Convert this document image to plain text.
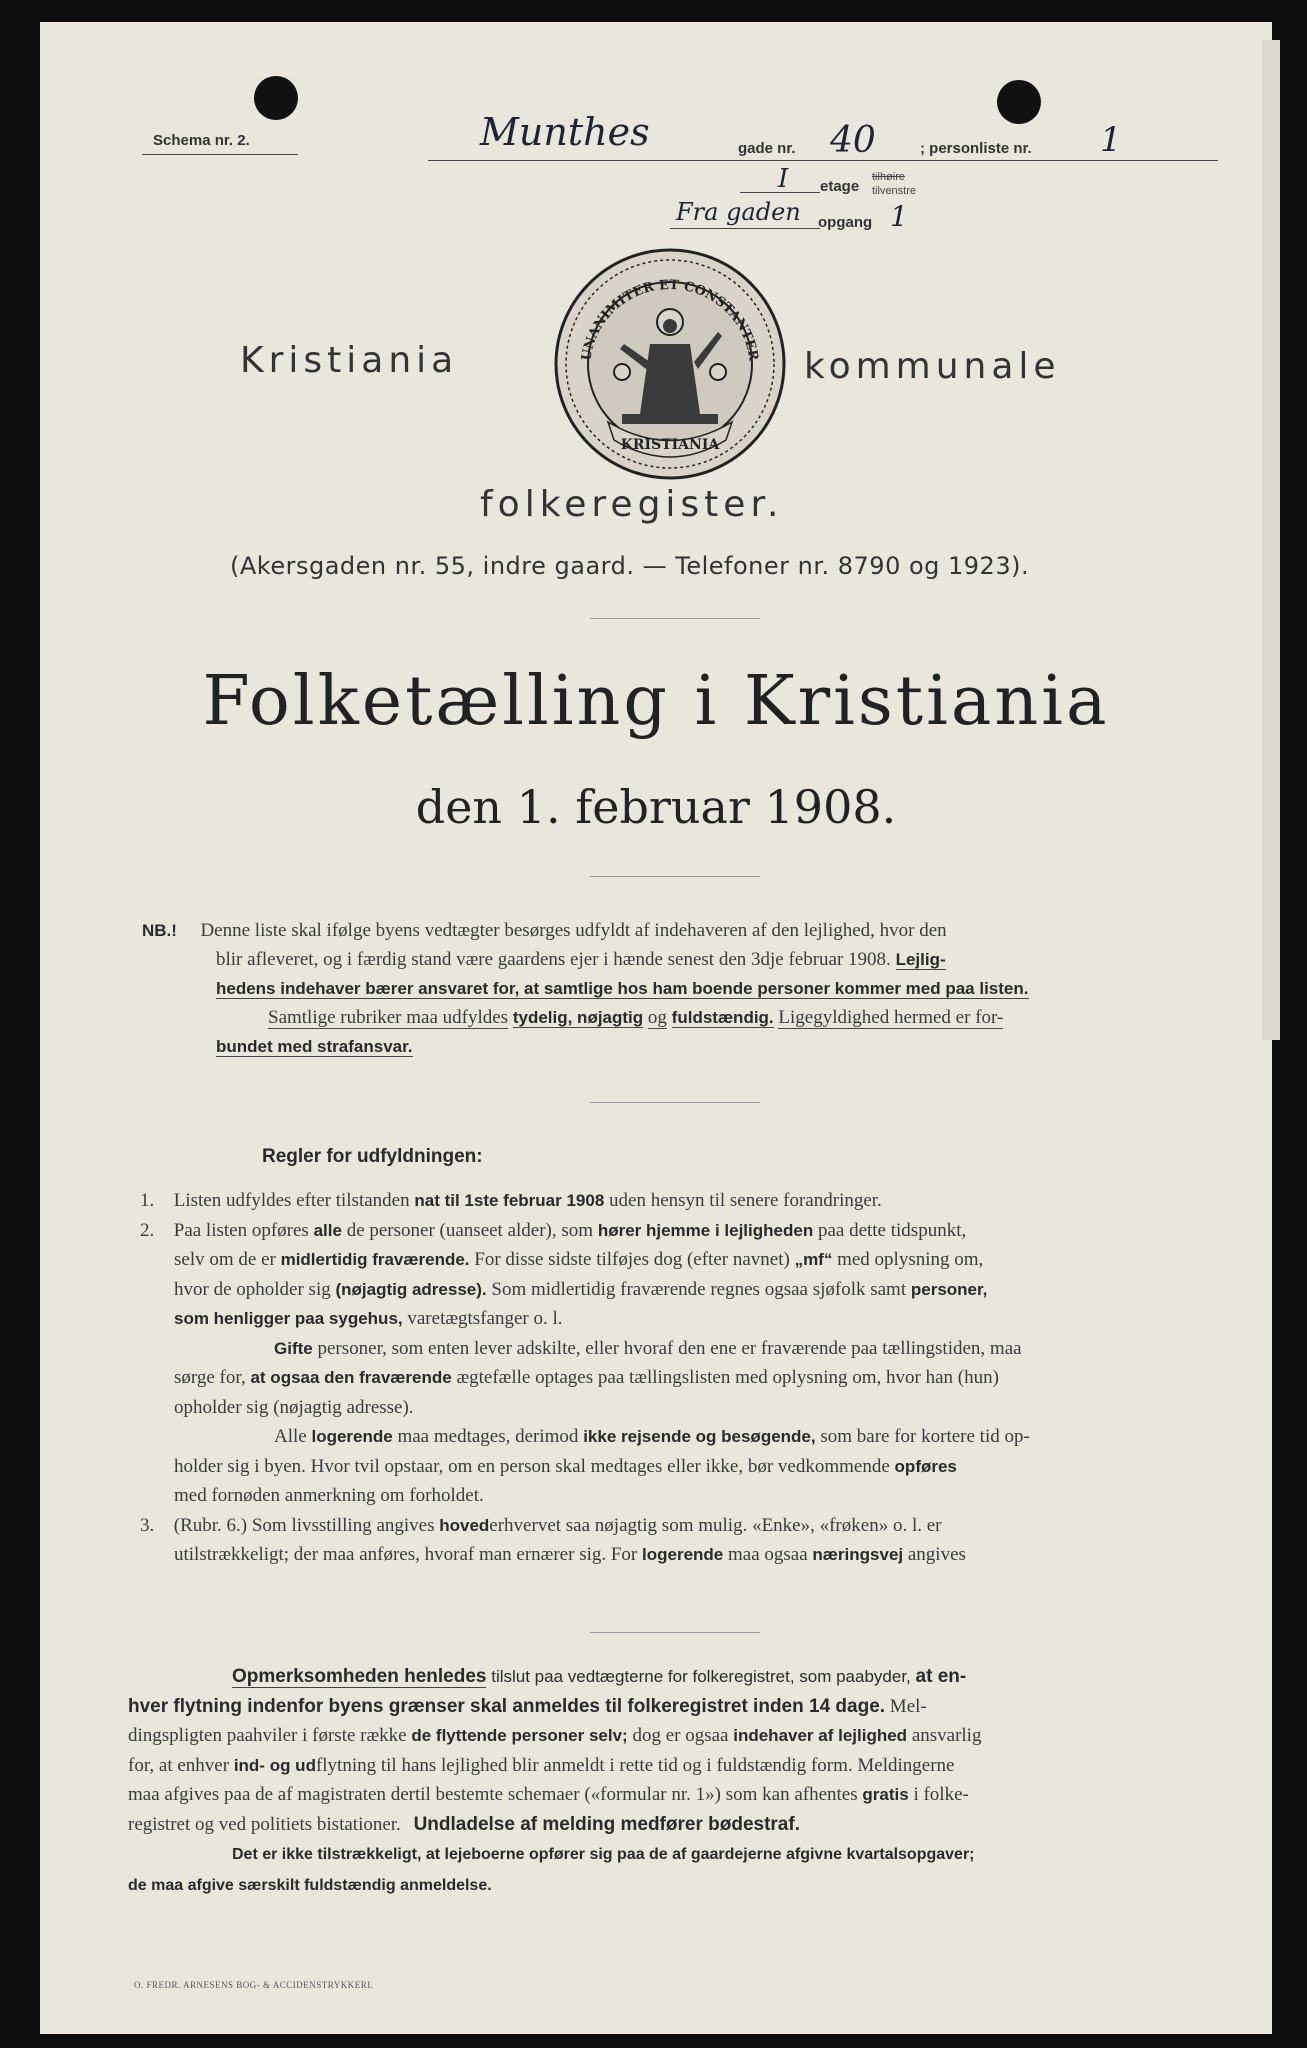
Schema nr. 2.	Munthes	gade nr. 40	; personliste nr. 1
I etage
tilhøire
tilvenstre
Fra gaden opgang 1
Kristiania	kommunale
UNANIMITER ET CONSTANTER
KRISTIANIA
folkeregister.
(Akersgaden nr. 55, indre gaard. — Telefoner nr. 8790 og 1923).
Folketælling i Kristiania
den 1. februar 1908.
NB.! Denne liste skal ifølge byens vedtægter besørges udfyldt af indehaveren af den lejlighed, hvor den
blir afleveret, og i færdig stand være gaardens ejer i hænde senest den 3dje februar 1908. Lejlig-
hedens indehaver bærer ansvaret for, at samtlige hos ham boende personer kommer med paa listen.
Samtlige rubriker maa udfyldes tydelig, nøjagtig og fuldstændig. Ligegyldighed hermed er for-
bundet med strafansvar.
Regler for udfyldningen:
1. Listen udfyldes efter tilstanden nat til 1ste februar 1908 uden hensyn til senere forandringer.
2. Paa listen opføres alle de personer (uanseet alder), som hører hjemme i lejligheden paa dette tidspunkt,
selv om de er midlertidig fraværende. For disse sidste tilføjes dog (efter navnet) „mf“ med oplysning om,
hvor de opholder sig (nøjagtig adresse). Som midlertidig fraværende regnes ogsaa sjøfolk samt personer,
som henligger paa sygehus, varetægtsfanger o. l.
Gifte personer, som enten lever adskilte, eller hvoraf den ene er fraværende paa tællingstiden, maa
sørge for, at ogsaa den fraværende ægtefælle optages paa tællingslisten med oplysning om, hvor han (hun)
opholder sig (nøjagtig adresse).
Alle logerende maa medtages, derimod ikke rejsende og besøgende, som bare for kortere tid op-
holder sig i byen. Hvor tvil opstaar, om en person skal medtages eller ikke, bør vedkommende opføres
med fornøden anmerkning om forholdet.
3. (Rubr. 6.) Som livsstilling angives hovederhvervet saa nøjagtig som mulig. «Enke», «frøken» o. l. er
utilstrækkeligt; der maa anføres, hvoraf man ernærer sig. For logerende maa ogsaa næringsvej angives
Opmerksomheden henledes tilslut paa vedtægterne for folkeregistret, som paabyder, at en-
hver flytning indenfor byens grænser skal anmeldes til folkeregistret inden 14 dage. Mel-
dingspligten paahviler i første række de flyttende personer selv; dog er ogsaa indehaver af lejlighed ansvarlig
for, at enhver ind- og udflytning til hans lejlighed blir anmeldt i rette tid og i fuldstændig form. Meldingerne
maa afgives paa de af magistraten dertil bestemte schemaer («formular nr. 1») som kan afhentes gratis i folke-
registret og ved politiets bistationer. Undladelse af melding medfører bødestraf.
Det er ikke tilstrækkeligt, at lejeboerne opfører sig paa de af gaardejerne afgivne kvartalsopgaver;
de maa afgive særskilt fuldstændig anmeldelse.
O. FREDR. ARNESENS BOG- & ACCIDENSTRYKKERI.
